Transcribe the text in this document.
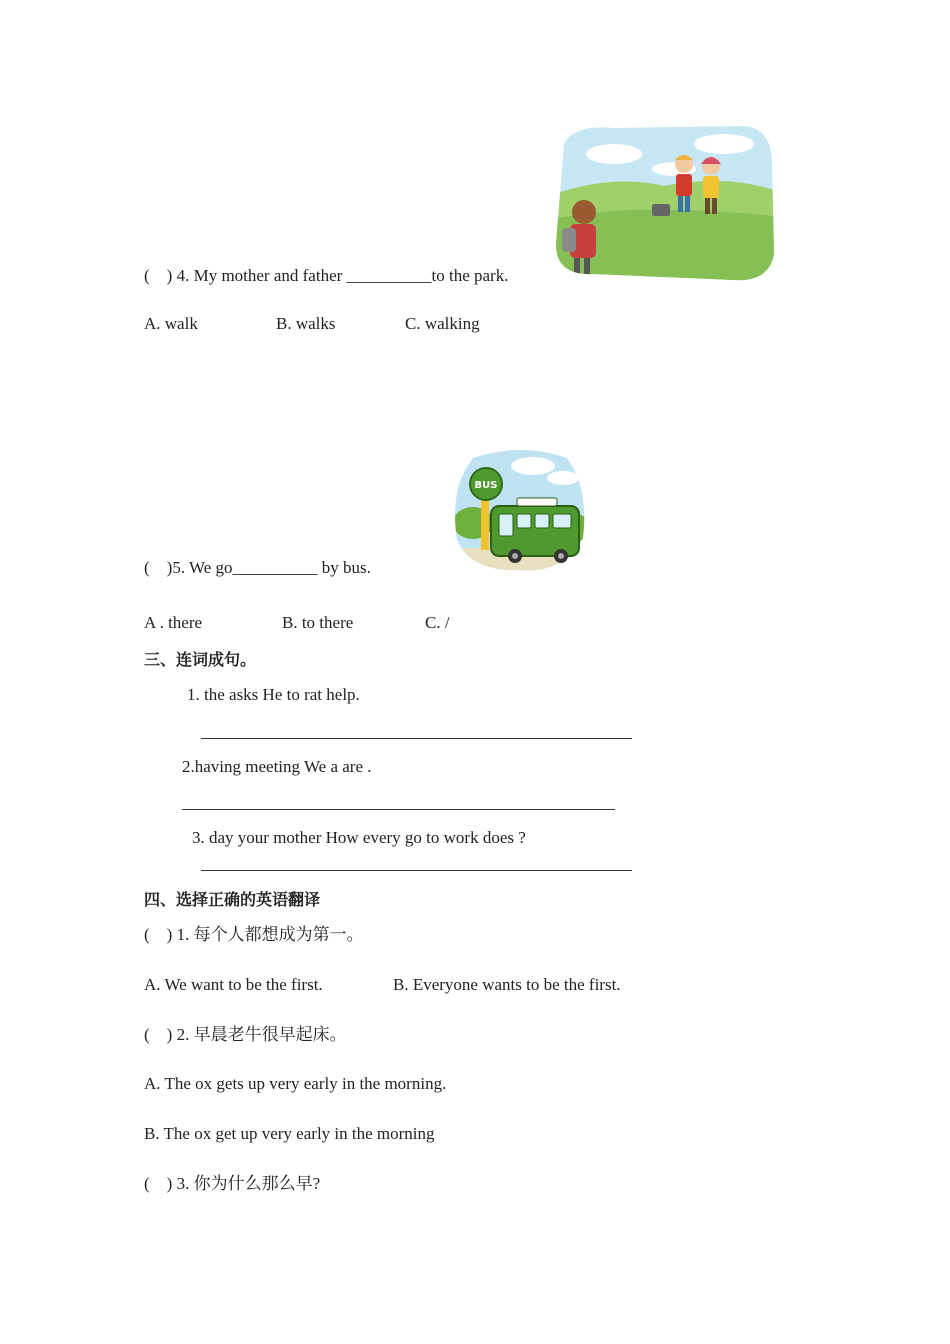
(    ) 4. My mother and father __________to the park.
A. walk	B. walks	C. walking
BUS
(    )5. We go__________ by bus.
A . there	B. to there	C. /
三、连词成句。
1. the asks He to rat help.
2.having meeting We a are .
3. day your mother How every go to work does ?
四、选择正确的英语翻译
(    ) 1. 每个人都想成为第一。
A. We want to be the first.	B. Everyone wants to be the first.
(    ) 2. 早晨老牛很早起床。
A. The ox gets up very early in the morning.
B. The ox get up very early in the morning
(    ) 3. 你为什么那么早?
